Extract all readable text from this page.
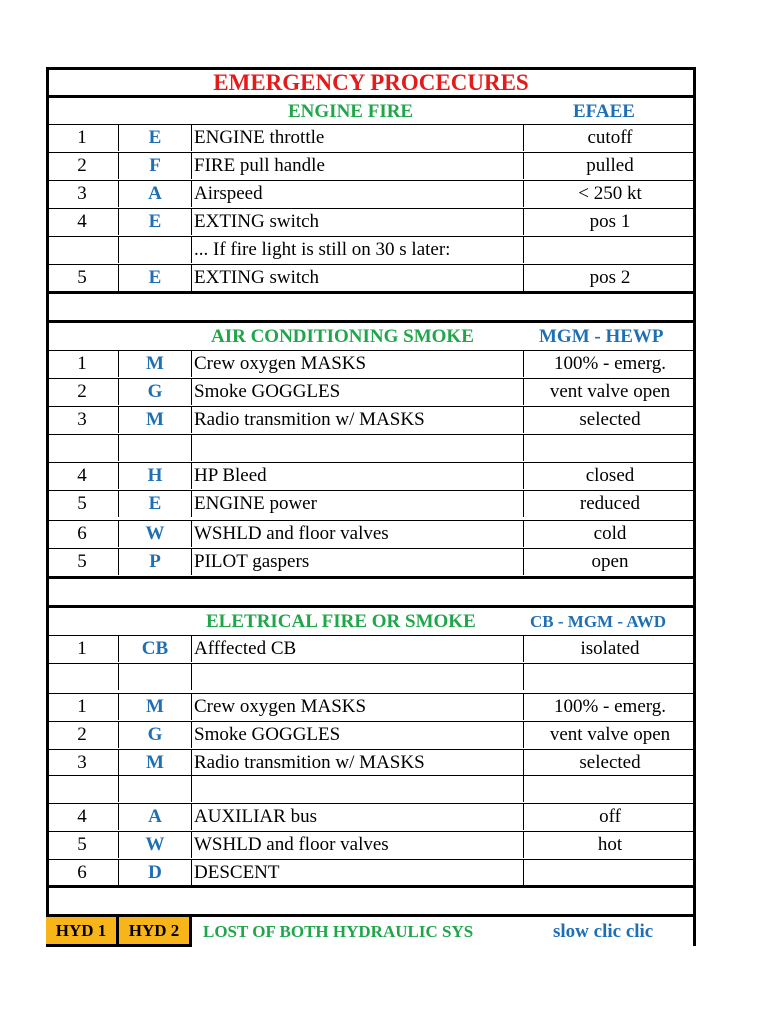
EMERGENCY PROCECURES
ENGINE FIRE	EFAEE
1	E	ENGINE throttle	cutoff
2	F	FIRE pull handle	pulled
3	A	Airspeed	< 250 kt
4	E	EXTING switch	pos 1
... If fire light is still on 30 s later:
5	E	EXTING switch	pos 2
AIR CONDITIONING SMOKE	MGM - HEWP
1	M	Crew oxygen MASKS	100% - emerg.
2	G	Smoke GOGGLES	vent valve open
3	M	Radio transmition w/ MASKS	selected
4	H	HP Bleed	closed
5	E	ENGINE power	reduced
6	W	WSHLD and floor valves	cold
5	P	PILOT gaspers	open
ELETRICAL FIRE OR SMOKE	CB - MGM - AWD
1	CB	Afffected CB	isolated
1	M	Crew oxygen MASKS	100% - emerg.
2	G	Smoke GOGGLES	vent valve open
3	M	Radio transmition w/ MASKS	selected
4	A	AUXILIAR bus	off
5	W	WSHLD and floor valves	hot
6	D	DESCENT
HYD 1	HYD 2	LOST OF BOTH HYDRAULIC SYS	slow clic clic
